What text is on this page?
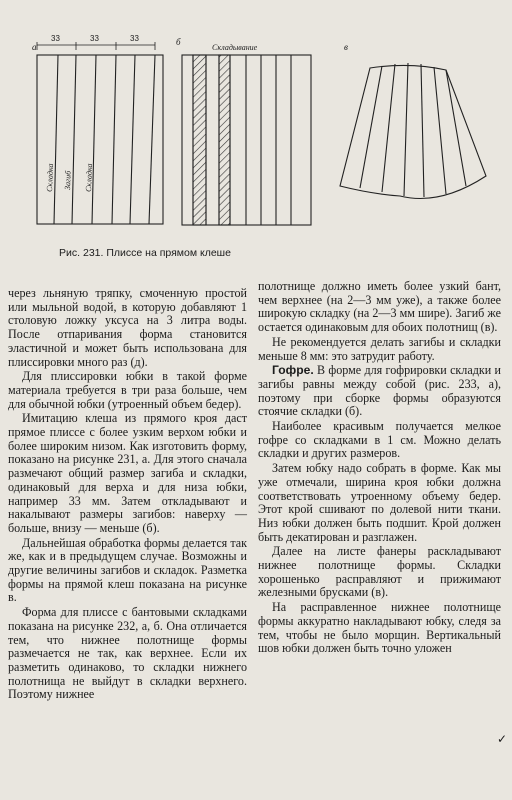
а
33	33	33
Складка Загиб Складка
б
Складывание	в
Рис. 231. Плиссе на прямом клеше

через льняную тряпку, смоченную простой или мыльной водой, в которую добавляют 1 столовую ложку уксуса на 3 литра воды. После отпаривания форма становится эластичной и может быть использована для плиссировки много раз (д).

Для плиссировки юбки в такой форме материала требуется в три раза больше, чем для обычной юбки (утроенный объем бедер).

Имитацию клеша из прямого кроя даст прямое плиссе с более узким верхом юбки и более широким низом. Как изготовить форму, показано на рисунке 231, а. Для этого сначала размечают общий размер загиба и складки, одинаковый для верха и для низа юбки, например 33 мм. Затем откладывают и накалывают размеры загибов: наверху — больше, внизу — меньше (б).

Дальнейшая обработка формы делается так же, как и в предыдущем случае. Возможны и другие величины загибов и складок. Разметка формы на прямой клеш показана на рисунке в.

Форма для плиссе с бантовыми складками показана на рисунке 232, а, б. Она отличается тем, что нижнее полотнище формы размечается не так, как верхнее. Если их разметить одинаково, то складки нижнего полотнища не выйдут в складки верхнего. Поэтому нижнее

полотнище должно иметь более узкий бант, чем верхнее (на 2—3 мм уже), а также более широкую складку (на 2—3 мм шире). Загиб же остается одинаковым для обоих полотнищ (в).

Не рекомендуется делать загибы и складки меньше 8 мм: это затрудит работу.

Гофре. В форме для гофрировки складки и загибы равны между собой (рис. 233, а), поэтому при сборке формы образуются стоячие складки (б).

Наиболее красивым получается мелкое гофре со складками в 1 см. Можно делать складки и других размеров.

Затем юбку надо собрать в форме. Как мы уже отмечали, ширина кроя юбки должна соответствовать утроенному объему бедер. Этот крой сшивают по долевой нити ткани. Низ юбки должен быть подшит. Крой должен быть декатирован и разглажен.

Далее на листе фанеры раскладывают нижнее полотнище формы. Складки хорошенько расправляют и прижимают железными брусками (в).

На расправленное нижнее полотнище формы аккуратно накладывают юбку, следя за тем, чтобы не было морщин. Вертикальный шов юбки должен быть точно уложен

✓
